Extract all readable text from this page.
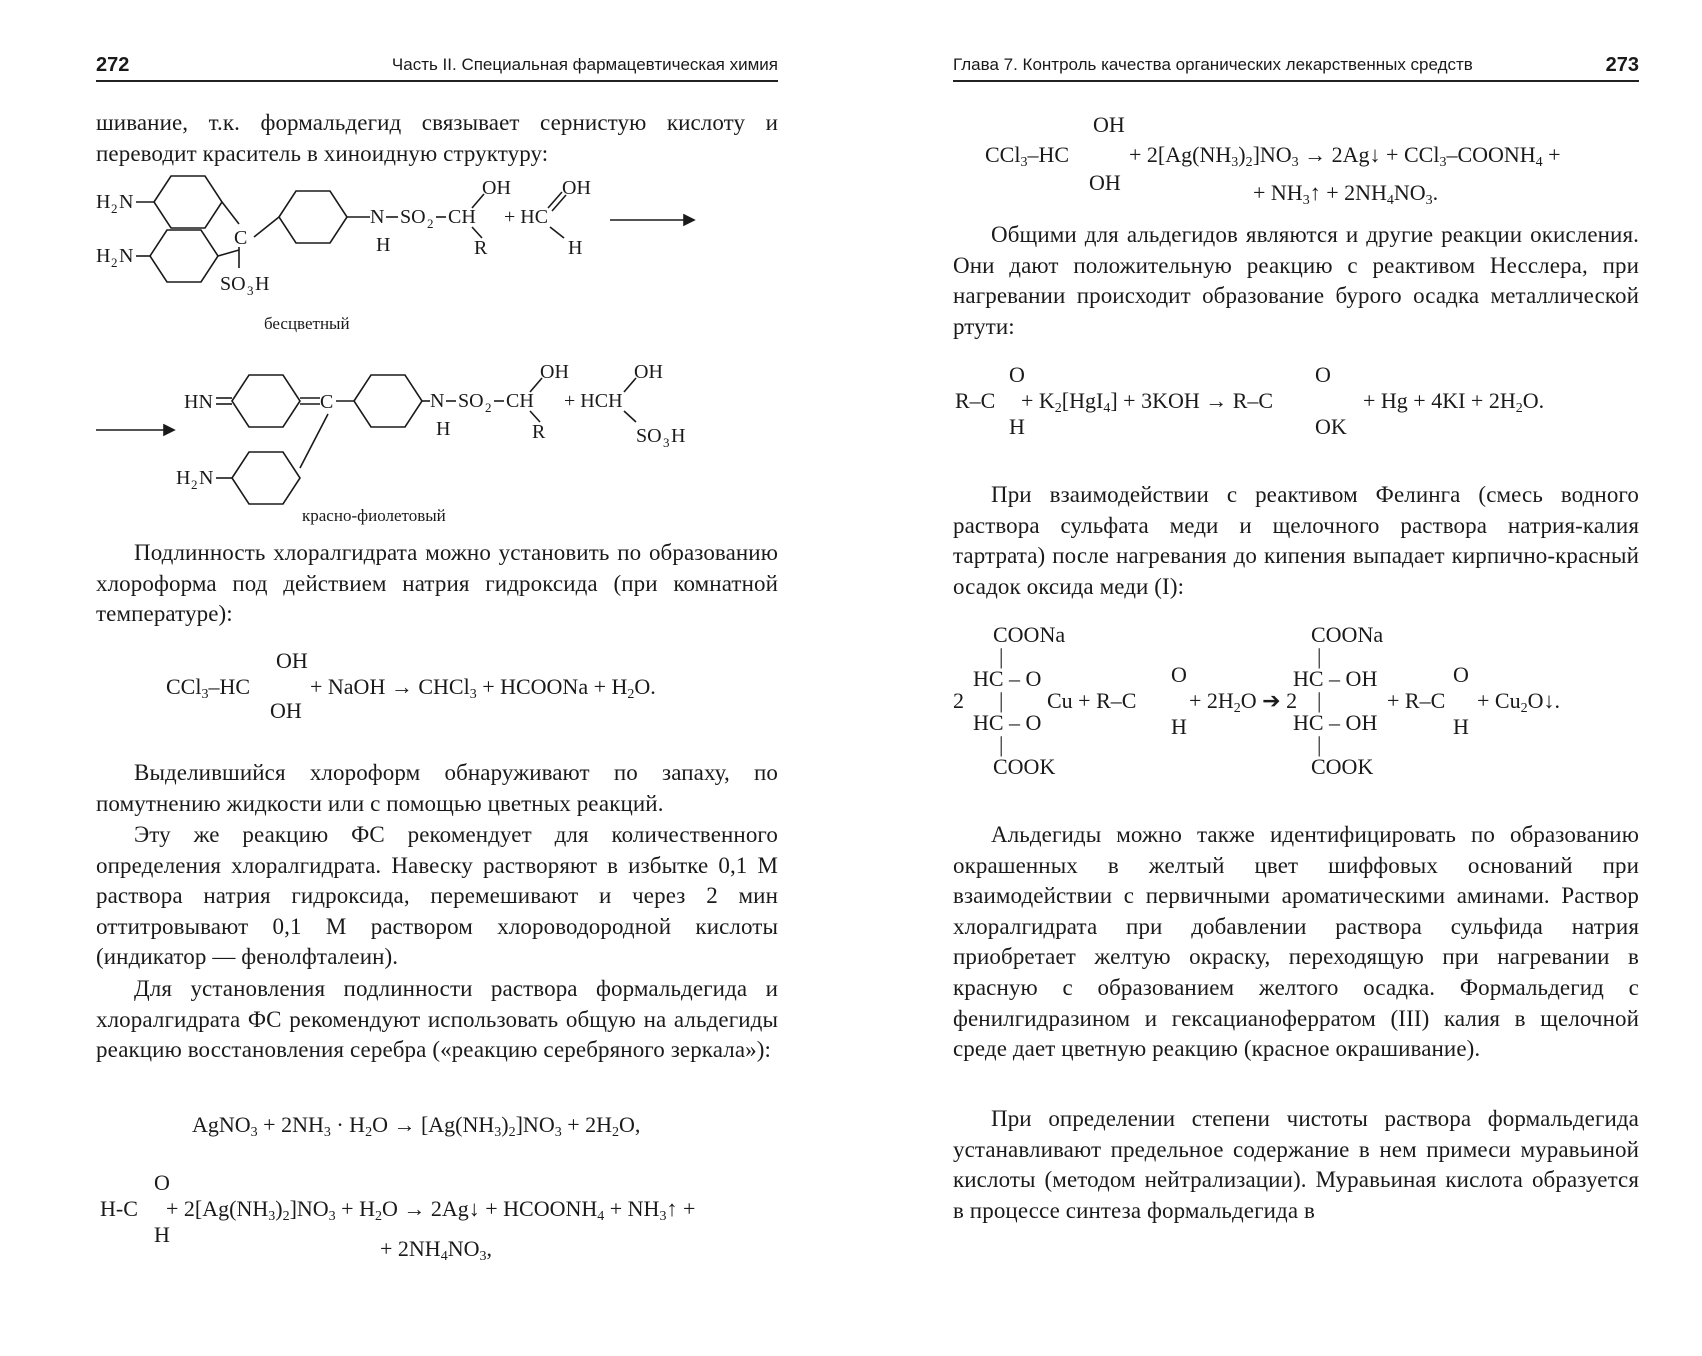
272	Часть II. Специальная фармацевтическая химия

шивание, т.к. формальдегид связывает сернистую кислоту и переводит краситель в хиноидную структуру:

H 2 N
C
N
H
SO 2 CH
OH
R
+ HC
OH
H
H 2 N
SO 3 H
бесцветный
HN	C	N
H
SO 2 CH
OH
R
+ HCH
OH
SO 3 H
H 2 N
красно-фиолетовый

Подлинность хлоралгидрата можно установить по образованию хлороформа под действием натрия гидроксида (при комнатной температуре):

OH
CCl$_3$–HC
OH
+ NaOH → CHCl$_3$ + HCOONa + $H_2O$.

Выделившийся хлороформ обнаруживают по запаху, по помутнению жидкости или с помощью цветных реакций.

Эту же реакцию ФС рекомендует для количественного определения хлоралгидрата. Навеску растворяют в избытке 0,1 М раствора натрия гидроксида, перемешивают и через 2 мин оттитровывают 0,1 М раствором хлороводородной кислоты (индикатор — фенолфталеин).

Для установления подлинности раствора формальдегида и хлоралгидрата ФС рекомендуют использовать общую на альдегиды реакцию восстановления серебра («реакцию серебряного зеркала»):

AgNO$_3$ + $2NH_3 \cdot H_2O \to [Ag(NH_3)_2]NO_3 + 2H_2O$,
O
H-C
H
+ $2[Ag(NH_3)_2]NO_3 + H_2O$ → 2Ag↓ + $HCOONH_4$ + $NH_3↑$ +
+ $2NH_4NO_3$,
Глава 7. Контроль качества органических лекарственных средств	273
OH
CCl$_3$–HC
OH
+ $2[Ag(NH_3)_2]NO_3$ → 2Ag↓ + $CCl_3-COONH_4$ +
+ $NH_3↑ + 2NH_4NO_3$.

Общими для альдегидов являются и другие реакции окисления. Они дают положительную реакцию с реактивом Несслера, при нагревании происходит образование бурого осадка металлической ртути:

O
R–C
H
+ $K_2[HgI_4] + 3KOH \to R-C$
O
OK
+ $Hg + 4KI + 2H_2O$.

При взаимодействии с реактивом Фелинга (смесь водного раствора сульфата меди и щелочного раствора натрия-калия тартрата) после нагревания до кипения выпадает кирпично-красный осадок оксида меди (I):

COONa
|
HC – O
2 | Cu + R–C
HC – O
|
COOK
O
H
+ $2H_2O$ ➔ 2
COONa
|
HC – OH
|
HC – OH
|
COOK
+ R–C
O
H
+ $Cu_2O↓$.

Альдегиды можно также идентифицировать по образованию окрашенных в желтый цвет шиффовых оснований при взаимодействии с первичными ароматическими аминами. Раствор хлоралгидрата при добавлении раствора сульфида натрия приобретает желтую окраску, переходящую при нагревании в красную с образованием желтого осадка. Формальдегид с фенилгидразином и гексацианоферратом (III) калия в щелочной среде дает цветную реакцию (красное окрашивание).

При определении степени чистоты раствора формальдегида устанавливают предельное содержание в нем примеси муравьиной кислоты (методом нейтрализации). Муравьиная кислота образуется в процессе синтеза формальдегида в
